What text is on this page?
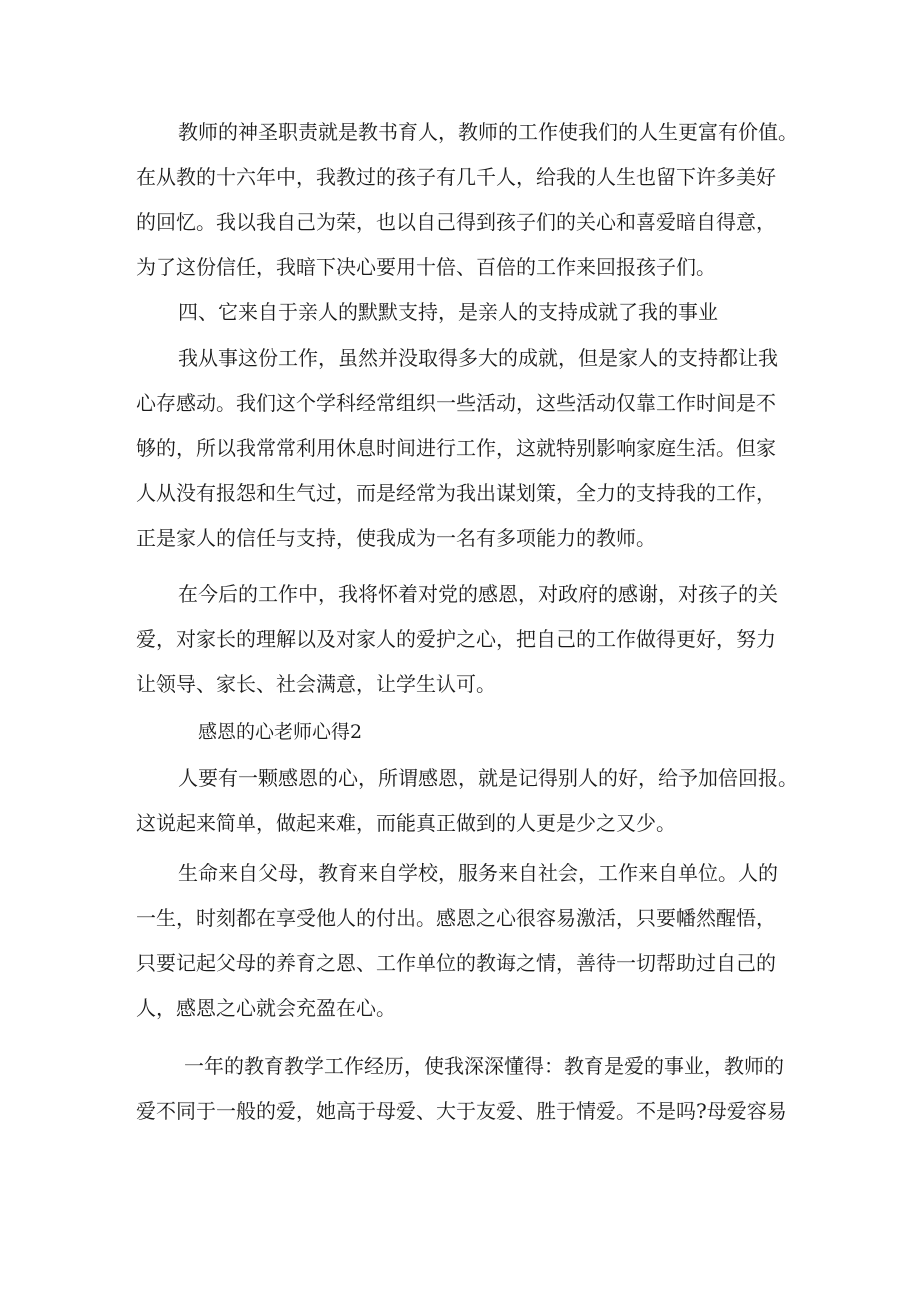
教师的神圣职责就是教书育人，教师的工作使我们的人生更富有价值。
在从教的十六年中，我教过的孩子有几千人，给我的人生也留下许多美好
的回忆。我以我自己为荣，也以自己得到孩子们的关心和喜爱暗自得意，
为了这份信任，我暗下决心要用十倍、百倍的工作来回报孩子们。
四、它来自于亲人的默默支持，是亲人的支持成就了我的事业
我从事这份工作，虽然并没取得多大的成就，但是家人的支持都让我
心存感动。我们这个学科经常组织一些活动，这些活动仅靠工作时间是不
够的，所以我常常利用休息时间进行工作，这就特别影响家庭生活。但家
人从没有报怨和生气过，而是经常为我出谋划策，全力的支持我的工作，
正是家人的信任与支持，使我成为一名有多项能力的教师。
在今后的工作中，我将怀着对党的感恩，对政府的感谢，对孩子的关
爱，对家长的理解以及对家人的爱护之心，把自己的工作做得更好，努力
让领导、家长、社会满意，让学生认可。
感恩的心老师心得2
人要有一颗感恩的心，所谓感恩，就是记得别人的好，给予加倍回报。
这说起来简单，做起来难，而能真正做到的人更是少之又少。
生命来自父母，教育来自学校，服务来自社会，工作来自单位。人的
一生，时刻都在享受他人的付出。感恩之心很容易激活，只要幡然醒悟，
只要记起父母的养育之恩、工作单位的教诲之情，善待一切帮助过自己的
人，感恩之心就会充盈在心。
一年的教育教学工作经历，使我深深懂得：教育是爱的事业，教师的
爱不同于一般的爱，她高于母爱、大于友爱、胜于情爱。不是吗?母爱容易
